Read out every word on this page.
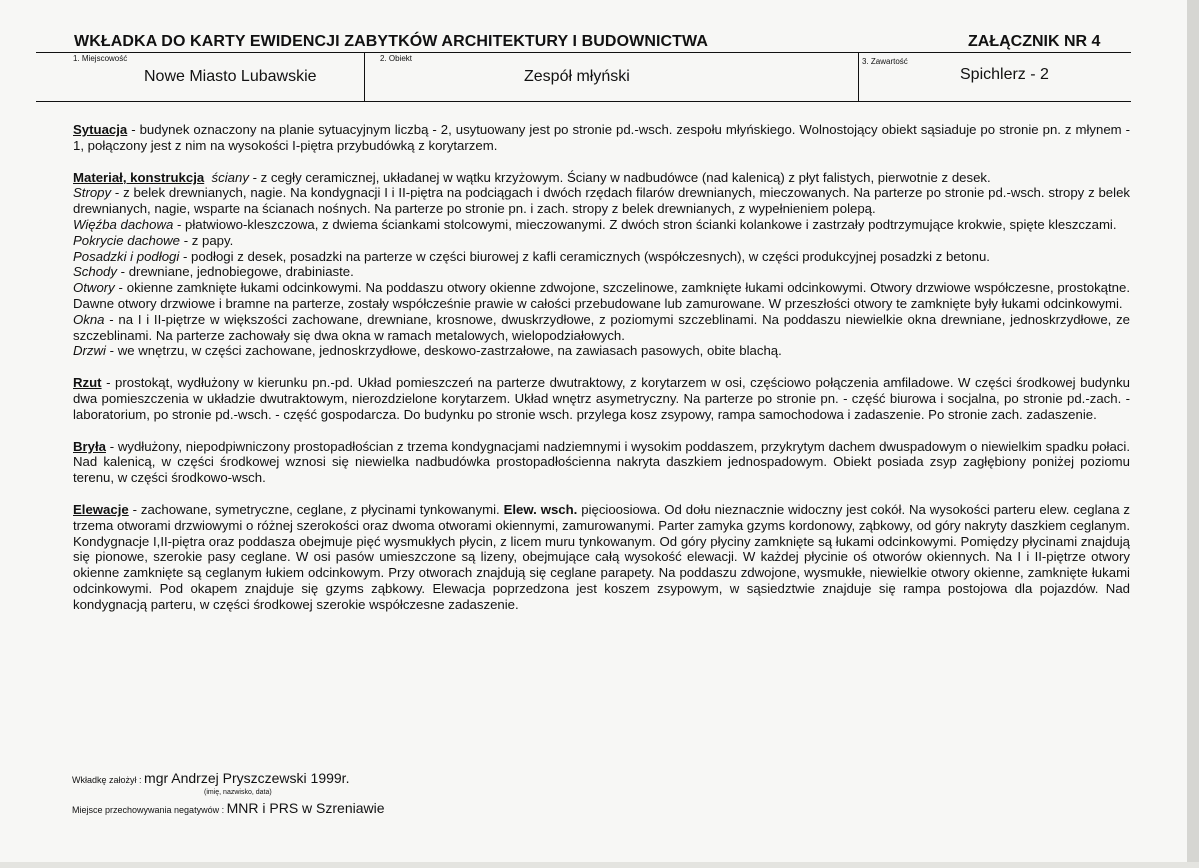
WKŁADKA DO KARTY EWIDENCJI ZABYTKÓW ARCHITEKTURY I BUDOWNICTWA	ZAŁĄCZNIK NR 4
1. Miejscowość
Nowe Miasto Lubawskie
2. Obiekt
Zespół młyński
3. Zawartość
Spichlerz - 2

Sytuacja - budynek oznaczony na planie sytuacyjnym liczbą - 2, usytuowany jest po stronie pd.-wsch. zespołu młyńskiego. Wolnostojący obiekt sąsiaduje po stronie pn. z młynem - 1, połączony jest z nim na wysokości I-piętra przybudówką z korytarzem.

Materiał, konstrukcja ściany - z cegły ceramicznej, układanej w wątku krzyżowym. Ściany w nadbudówce (nad kalenicą) z płyt falistych, pierwotnie z desek.
Stropy - z belek drewnianych, nagie. Na kondygnacji I i II-piętra na podciągach i dwóch rzędach filarów drewnianych, mieczowanych. Na parterze po stronie pd.-wsch. stropy z belek drewnianych, nagie, wsparte na ścianach nośnych. Na parterze po stronie pn. i zach. stropy z belek drewnianych, z wypełnieniem polepą.
Więźba dachowa - płatwiowo-kleszczowa, z dwiema ściankami stolcowymi, mieczowanymi. Z dwóch stron ścianki kolankowe i zastrzały podtrzymujące krokwie, spięte kleszczami.
Pokrycie dachowe - z papy.
Posadzki i podłogi - podłogi z desek, posadzki na parterze w części biurowej z kafli ceramicznych (współczesnych), w części produkcyjnej posadzki z betonu.
Schody - drewniane, jednobiegowe, drabiniaste.
Otwory - okienne zamknięte łukami odcinkowymi. Na poddaszu otwory okienne zdwojone, szczelinowe, zamknięte łukami odcinkowymi. Otwory drzwiowe współczesne, prostokątne. Dawne otwory drzwiowe i bramne na parterze, zostały współcześnie prawie w całości przebudowane lub zamurowane. W przeszłości otwory te zamknięte były łukami odcinkowymi.
Okna - na I i II-piętrze w większości zachowane, drewniane, krosnowe, dwuskrzydłowe, z poziomymi szczeblinami. Na poddaszu niewielkie okna drewniane, jednoskrzydłowe, ze szczeblinami. Na parterze zachowały się dwa okna w ramach metalowych, wielopodziałowych.
Drzwi - we wnętrzu, w części zachowane, jednoskrzydłowe, deskowo-zastrzałowe, na zawiasach pasowych, obite blachą.

Rzut - prostokąt, wydłużony w kierunku pn.-pd. Układ pomieszczeń na parterze dwutraktowy, z korytarzem w osi, częściowo połączenia amfiladowe. W części środkowej budynku dwa pomieszczenia w układzie dwutraktowym, nierozdzielone korytarzem. Układ wnętrz asymetryczny. Na parterze po stronie pn. - część biurowa i socjalna, po stronie pd.-zach. - laboratorium, po stronie pd.-wsch. - część gospodarcza. Do budynku po stronie wsch. przylega kosz zsypowy, rampa samochodowa i zadaszenie. Po stronie zach. zadaszenie.

Bryła - wydłużony, niepodpiwniczony prostopadłościan z trzema kondygnacjami nadziemnymi i wysokim poddaszem, przykrytym dachem dwuspadowym o niewielkim spadku połaci. Nad kalenicą, w części środkowej wznosi się niewielka nadbudówka prostopadłościenna nakryta daszkiem jednospadowym. Obiekt posiada zsyp zagłębiony poniżej poziomu terenu, w części środkowo-wsch.

Elewacje - zachowane, symetryczne, ceglane, z płycinami tynkowanymi. Elew. wsch. pięcioosiowa. Od dołu nieznacznie widoczny jest cokół. Na wysokości parteru elew. ceglana z trzema otworami drzwiowymi o różnej szerokości oraz dwoma otworami okiennymi, zamurowanymi. Parter zamyka gzyms kordonowy, ząbkowy, od góry nakryty daszkiem ceglanym. Kondygnacje I,II-piętra oraz poddasza obejmuje pięć wysmukłych płycin, z licem muru tynkowanym. Od góry płyciny zamknięte są łukami odcinkowymi. Pomiędzy płycinami znajdują się pionowe, szerokie pasy ceglane. W osi pasów umieszczone są lizeny, obejmujące całą wysokość elewacji. W każdej płycinie oś otworów okiennych. Na I i II-piętrze otwory okienne zamknięte są ceglanym łukiem odcinkowym. Przy otworach znajdują się ceglane parapety. Na poddaszu zdwojone, wysmukłe, niewielkie otwory okienne, zamknięte łukami odcinkowymi. Pod okapem znajduje się gzyms ząbkowy. Elewacja poprzedzona jest koszem zsypowym, w sąsiedztwie znajduje się rampa postojowa dla pojazdów. Nad kondygnacją parteru, w części środkowej szerokie współczesne zadaszenie.

Wkładkę założył : mgr Andrzej Pryszczewski 1999r.
(imię, nazwisko, data)
Miejsce przechowywania negatywów : MNR i PRS w Szreniawie
